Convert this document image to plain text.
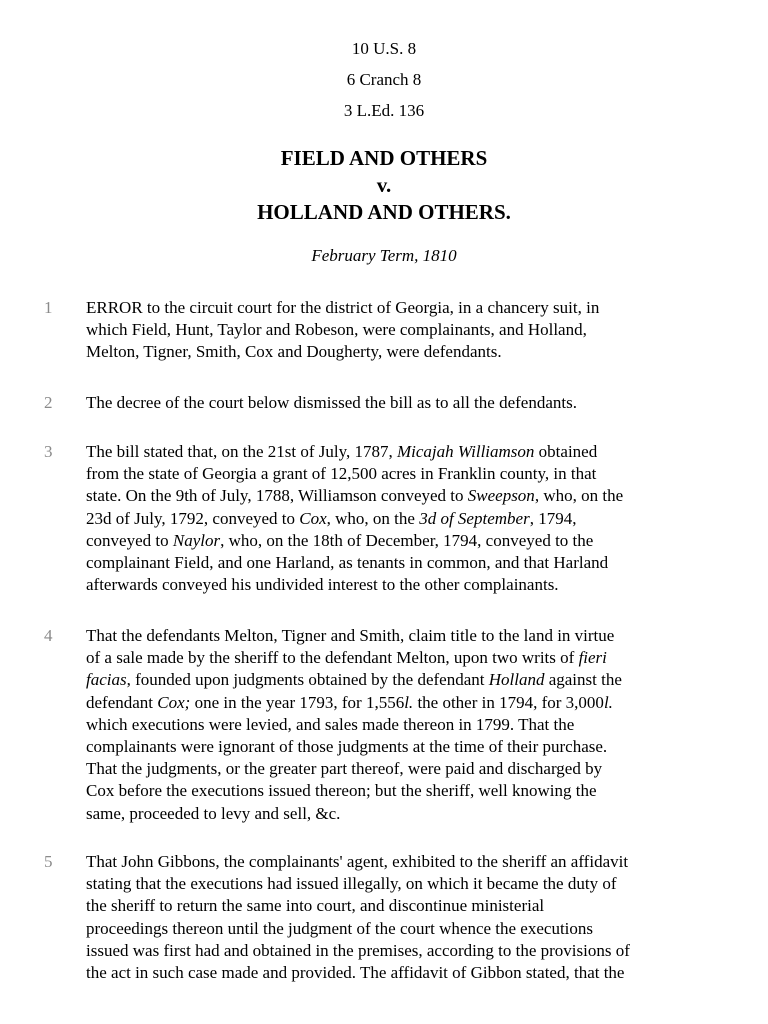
10 U.S. 8
6 Cranch 8
3 L.Ed. 136
FIELD AND OTHERS
v.
HOLLAND AND OTHERS.
February Term, 1810
1 ERROR to the circuit court for the district of Georgia, in a chancery suit, in
which Field, Hunt, Taylor and Robeson, were complainants, and Holland,
Melton, Tigner, Smith, Cox and Dougherty, were defendants.
2 The decree of the court below dismissed the bill as to all the defendants.
3 The bill stated that, on the 21st of July, 1787, Micajah Williamson obtained
from the state of Georgia a grant of 12,500 acres in Franklin county, in that
state. On the 9th of July, 1788, Williamson conveyed to Sweepson, who, on the
23d of July, 1792, conveyed to Cox, who, on the 3d of September, 1794,
conveyed to Naylor, who, on the 18th of December, 1794, conveyed to the
complainant Field, and one Harland, as tenants in common, and that Harland
afterwards conveyed his undivided interest to the other complainants.
4 That the defendants Melton, Tigner and Smith, claim title to the land in virtue
of a sale made by the sheriff to the defendant Melton, upon two writs of fieri
facias, founded upon judgments obtained by the defendant Holland against the
defendant Cox; one in the year 1793, for 1,556l. the other in 1794, for 3,000l.
which executions were levied, and sales made thereon in 1799. That the
complainants were ignorant of those judgments at the time of their purchase.
That the judgments, or the greater part thereof, were paid and discharged by
Cox before the executions issued thereon; but the sheriff, well knowing the
same, proceeded to levy and sell, &c.
5 That John Gibbons, the complainants' agent, exhibited to the sheriff an affidavit
stating that the executions had issued illegally, on which it became the duty of
the sheriff to return the same into court, and discontinue ministerial
proceedings thereon until the judgment of the court whence the executions
issued was first had and obtained in the premises, according to the provisions of
the act in such case made and provided. The affidavit of Gibbon stated, that the
